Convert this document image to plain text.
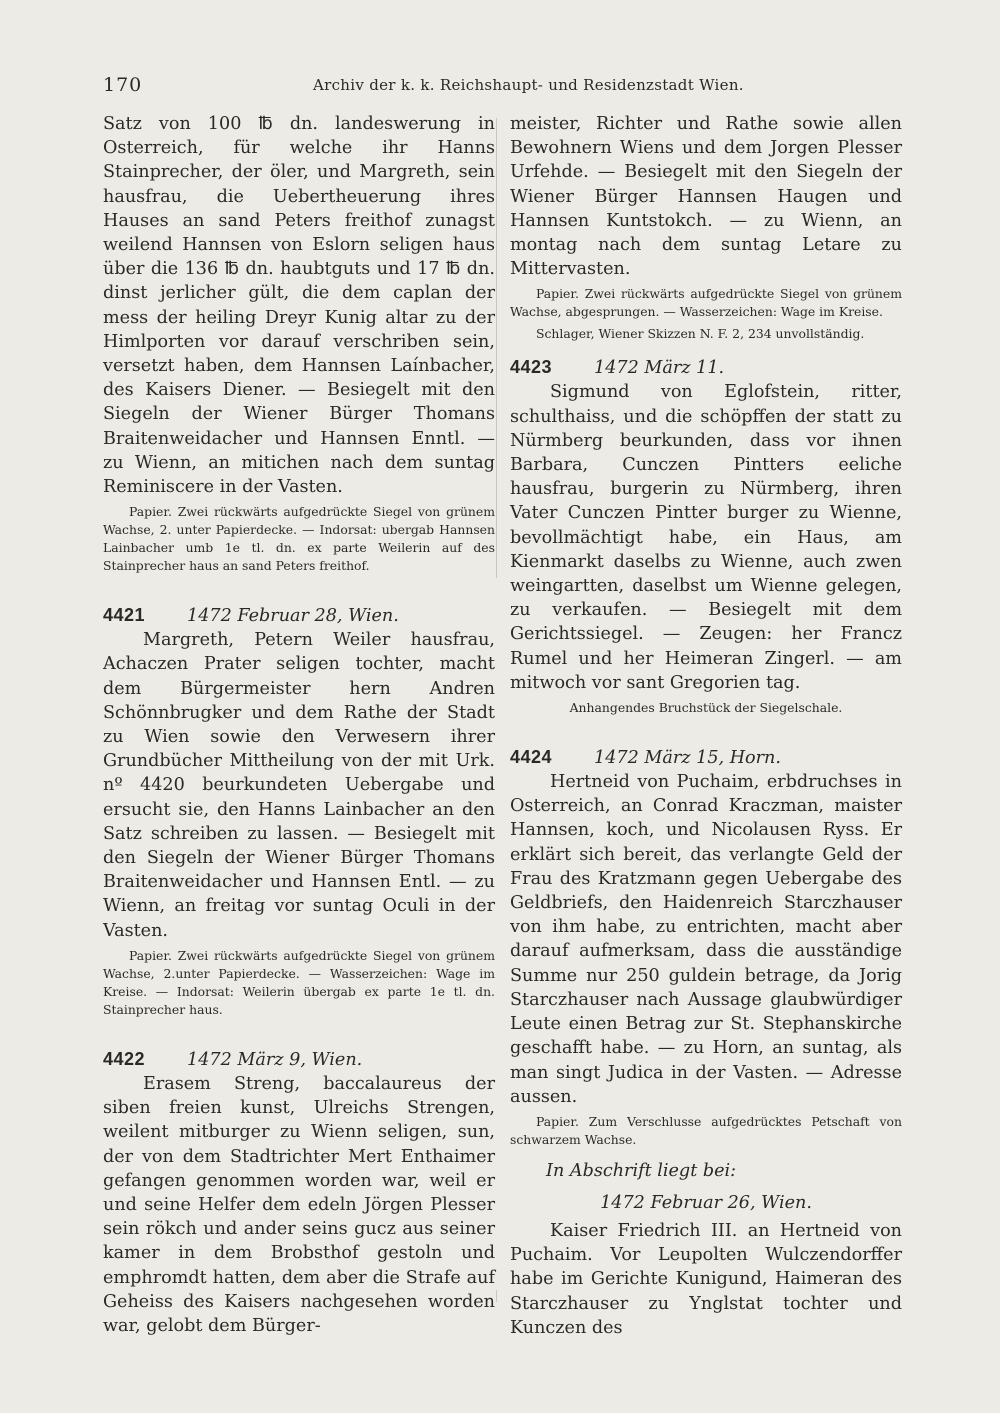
170	Archiv der k. k. Reichshaupt- und Residenzstadt Wien.

Satz von 100 ℔ dn. landeswerung in Osterreich, für welche ihr Hanns Stainprecher, der öler, und Margreth, sein hausfrau, die Uebertheuerung ihres Hauses an sand Peters freithof zunagst weilend Hannsen von Eslorn seligen haus über die 136 ℔ dn. haubtguts und 17 ℔ dn. dinst jerlicher gült, die dem caplan der mess der heiling Dreyr Kunig altar zu der Himlporten vor darauf verschriben sein, versetzt haben, dem Hannsen Laínbacher, des Kaisers Diener. — Besiegelt mit den Siegeln der Wiener Bürger Thomans Braitenweidacher und Hannsen Enntl. — zu Wienn, an mitichen nach dem suntag Reminiscere in der Vasten.

Papier. Zwei rückwärts aufgedrückte Siegel von grünem Wachse, 2. unter Papierdecke. — Indorsat: ubergab Hannsen Lainbacher umb 1e tl. dn. ex parte Weilerin auf des Stainprecher haus an sand Peters freithof.

4421	1472 Februar 28, Wien.

Margreth, Petern Weiler hausfrau, Achaczen Prater seligen tochter, macht dem Bürgermeister hern Andren Schönnbrugker und dem Rathe der Stadt zu Wien sowie den Verwesern ihrer Grundbücher Mittheilung von der mit Urk. nº 4420 beurkundeten Uebergabe und ersucht sie, den Hanns Lainbacher an den Satz schreiben zu lassen. — Besiegelt mit den Siegeln der Wiener Bürger Thomans Braitenweidacher und Hannsen Entl. — zu Wienn, an freitag vor suntag Oculi in der Vasten.

Papier. Zwei rückwärts aufgedrückte Siegel von grünem Wachse, 2.unter Papierdecke. — Wasserzeichen: Wage im Kreise. — Indorsat: Weilerin übergab ex parte 1e tl. dn. Stainprecher haus.

4422	1472 März 9, Wien.

Erasem Streng, baccalaureus der siben freien kunst, Ulreichs Strengen, weilent mitburger zu Wienn seligen, sun, der von dem Stadtrichter Mert Enthaimer gefangen genommen worden war, weil er und seine Helfer dem edeln Jörgen Plesser sein rökch und ander seins gucz aus seiner kamer in dem Brobsthof gestoln und emphromdt hatten, dem aber die Strafe auf Geheiss des Kaisers nachgesehen worden war, gelobt dem Bürger-

meister, Richter und Rathe sowie allen Bewohnern Wiens und dem Jorgen Plesser Urfehde. — Besiegelt mit den Siegeln der Wiener Bürger Hannsen Haugen und Hannsen Kuntstokch. — zu Wienn, an montag nach dem suntag Letare zu Mittervasten.

Papier. Zwei rückwärts aufgedrückte Siegel von grünem Wachse, abgesprungen. — Wasserzeichen: Wage im Kreise.

Schlager, Wiener Skizzen N. F. 2, 234 unvollständig.

4423	1472 März 11.

Sigmund von Eglofstein, ritter, schulthaiss, und die schöpffen der statt zu Nürmberg beurkunden, dass vor ihnen Barbara, Cunczen Pintters eeliche hausfrau, burgerin zu Nürmberg, ihren Vater Cunczen Pintter burger zu Wienne, bevollmächtigt habe, ein Haus, am Kienmarkt daselbs zu Wienne, auch zwen weingartten, daselbst um Wienne gelegen, zu verkaufen. — Besiegelt mit dem Gerichtssiegel. — Zeugen: her Francz Rumel und her Heimeran Zingerl. — am mitwoch vor sant Gregorien tag.

Anhangendes Bruchstück der Siegelschale.

4424	1472 März 15, Horn.

Hertneid von Puchaim, erbdruchses in Osterreich, an Conrad Kraczman, maister Hannsen, koch, und Nicolausen Ryss. Er erklärt sich bereit, das verlangte Geld der Frau des Kratzmann gegen Uebergabe des Geldbriefs, den Haidenreich Starczhauser von ihm habe, zu entrichten, macht aber darauf aufmerksam, dass die ausständige Summe nur 250 guldein betrage, da Jorig Starczhauser nach Aussage glaubwürdiger Leute einen Betrag zur St. Stephanskirche geschafft habe. — zu Horn, an suntag, als man singt Judica in der Vasten. — Adresse aussen.

Papier. Zum Verschlusse aufgedrücktes Petschaft von schwarzem Wachse.

In Abschrift liegt bei:

1472 Februar 26, Wien.

Kaiser Friedrich III. an Hertneid von Puchaim. Vor Leupolten Wulczendorffer habe im Gerichte Kunigund, Haimeran des Starczhauser zu Ynglstat tochter und Kunczen des
